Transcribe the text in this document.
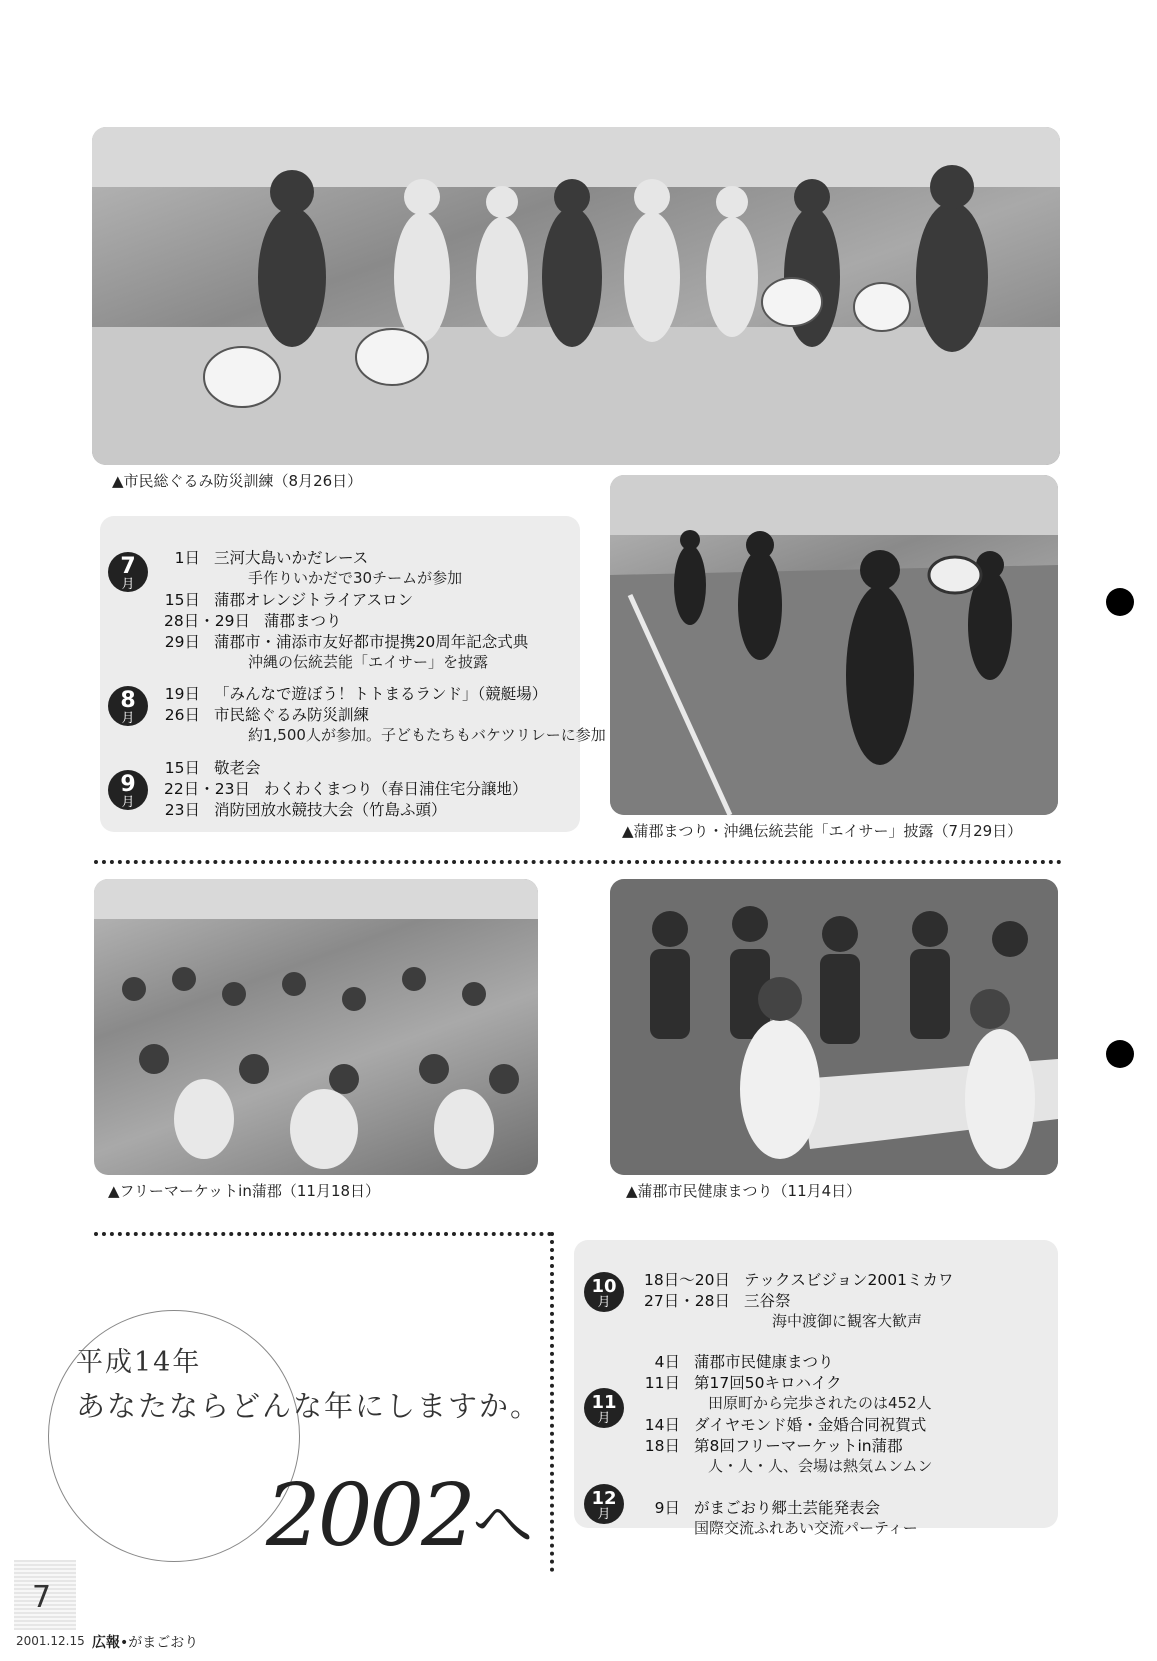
▲市民総ぐるみ防災訓練（8月26日）
7
月
1日 三河大島いかだレース
手作りいかだで30チームが参加
15日 蒲郡オレンジトライアスロン
28日・29日 蒲郡まつり
29日 蒲郡市・浦添市友好都市提携20周年記念式典
沖縄の伝統芸能「エイサー」を披露
8
月
19日 「みんなで遊ぼう！トトまるランド」（競艇場）
26日 市民総ぐるみ防災訓練
約1,500人が参加。子どもたちもバケツリレーに参加
9
月
15日 敬老会
22日・23日 わくわくまつり（春日浦住宅分譲地）
23日 消防団放水競技大会（竹島ふ頭）
▲蒲郡まつり・沖縄伝統芸能「エイサー」披露（7月29日）
▲フリーマーケットin蒲郡（11月18日）	▲蒲郡市民健康まつり（11月4日）
平成14年
あなたならどんな年にしますか。
2002へ
10
月
18日～20日 テックスビジョン2001ミカワ
27日・28日 三谷祭
海中渡御に観客大歓声
11
月
4日 蒲郡市民健康まつり
11日 第17回50キロハイク
田原町から完歩されたのは452人
14日 ダイヤモンド婚・金婚合同祝賀式
18日 第8回フリーマーケットin蒲郡
人・人・人、会場は熱気ムンムン
12
月	9日 がまごおり郷土芸能発表会
国際交流ふれあい交流パーティー
7
2001.12.15 広報•がまごおり
